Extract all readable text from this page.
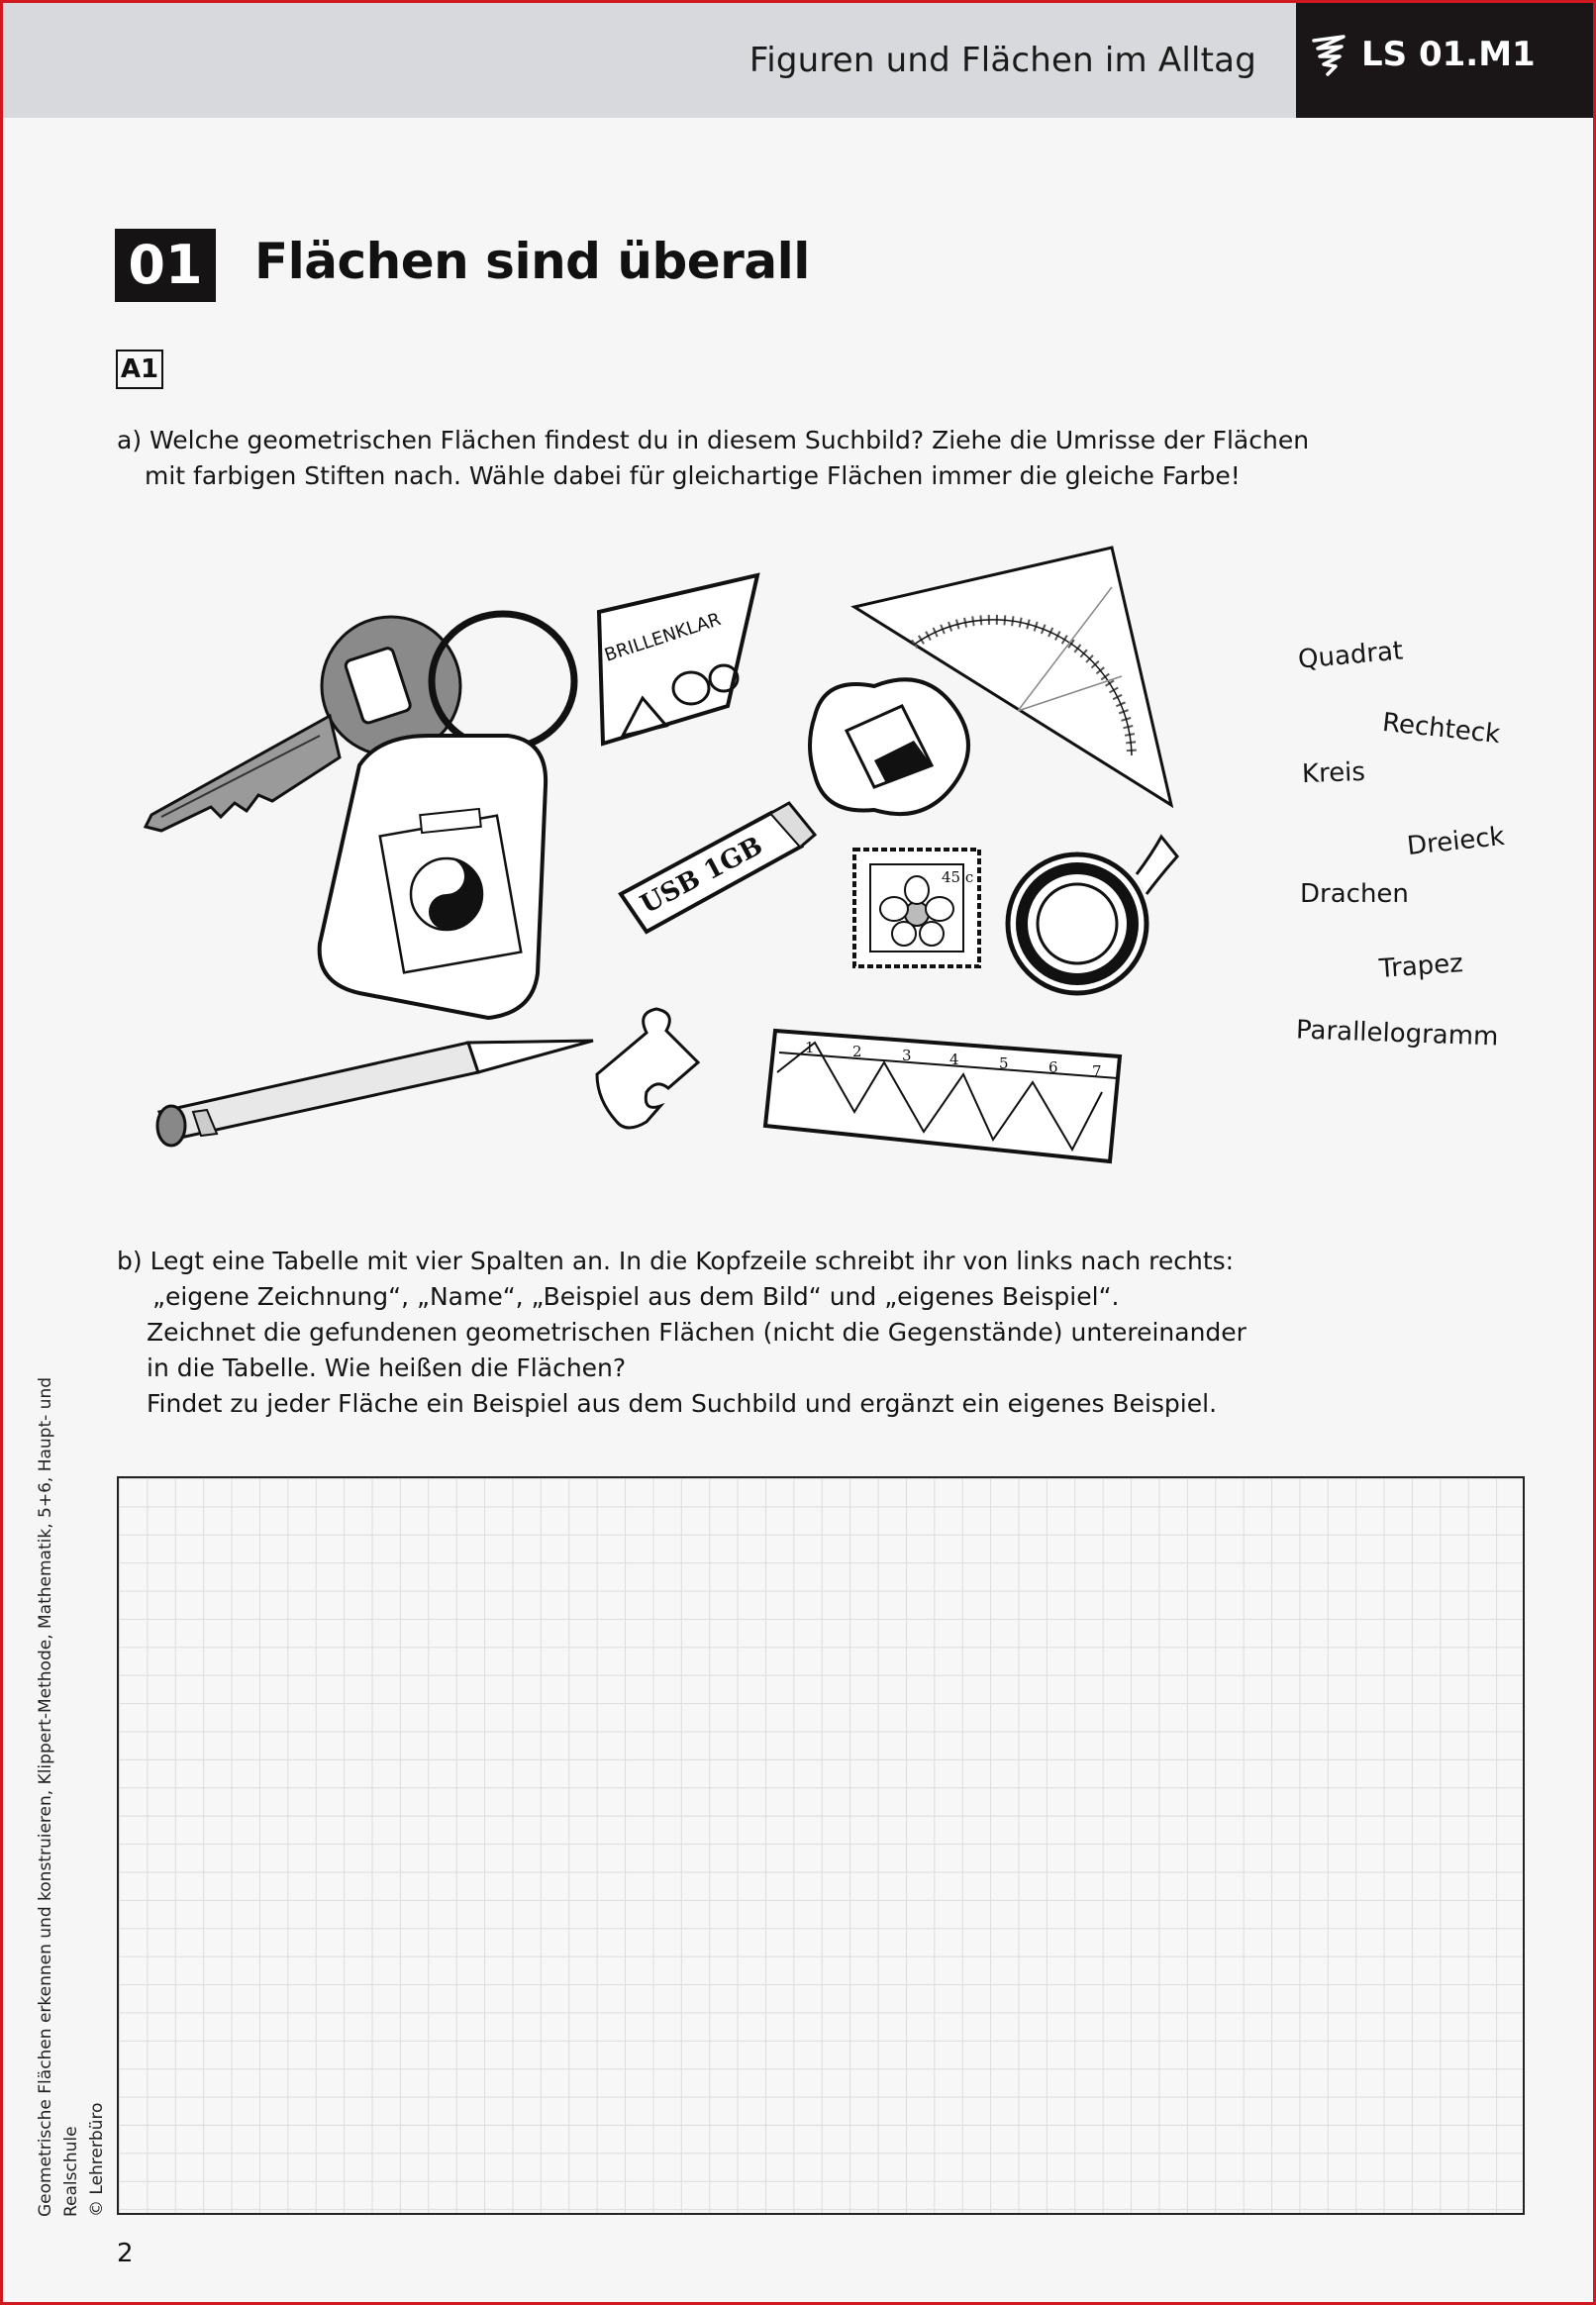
Figuren und Flächen im Alltag	LS 01.M1
01 Flächen sind überall
A1
a) Welche geometrischen Flächen findest du in diesem Suchbild? Ziehe die Umrisse der Flächen
mit farbigen Stiften nach. Wähle dabei für gleichartige Flächen immer die gleiche Farbe!
BRILLENKLAR
USB 1GB	45 c
1	2	3	4	5	6 7
Quadrat
Rechteck
Kreis
Dreieck
Drachen
Trapez
Parallelogramm
b) Legt eine Tabelle mit vier Spalten an. In die Kopfzeile schreibt ihr von links nach rechts:
„eigene Zeichnung“, „Name“, „Beispiel aus dem Bild“ und „eigenes Beispiel“.
Zeichnet die gefundenen geometrischen Flächen (nicht die Gegenstände) untereinander
in die Tabelle. Wie heißen die Flächen?
Findet zu jeder Fläche ein Beispiel aus dem Suchbild und ergänzt ein eigenes Beispiel.
2
Geometrische Flächen erkennen und konstruieren, Klippert-Methode, Mathematik, 5+6, Haupt- und Realschule © Lehrerbüro
